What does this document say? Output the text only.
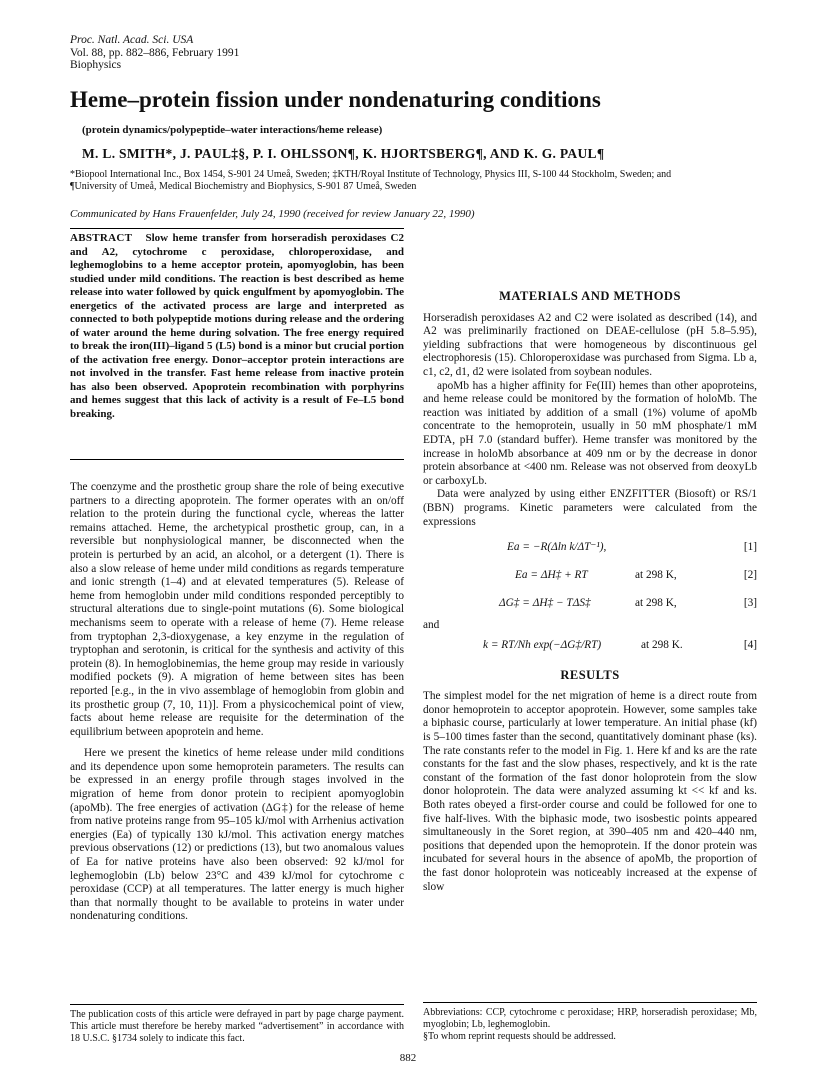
Proc. Natl. Acad. Sci. USA
Vol. 88, pp. 882–886, February 1991
Biophysics
Heme–protein fission under nondenaturing conditions
(protein dynamics/polypeptide–water interactions/heme release)
M. L. SMITH*, J. PAUL‡§, P. I. OHLSSON¶, K. HJORTSBERG¶, AND K. G. PAUL¶
*Biopool International Inc., Box 1454, S-901 24 Umeå, Sweden; ‡KTH/Royal Institute of Technology, Physics III, S-100 44 Stockholm, Sweden; and
¶University of Umeå, Medical Biochemistry and Biophysics, S-901 87 Umeå, Sweden
Communicated by Hans Frauenfelder, July 24, 1990 (received for review January 22, 1990)
ABSTRACT Slow heme transfer from horseradish peroxidases C2 and A2, cytochrome c peroxidase, chloroperoxidase, and leghemoglobins to a heme acceptor protein, apomyoglobin, has been studied under mild conditions. The reaction is best described as heme release into water followed by quick engulfment by apomyoglobin. The energetics of the activated process are large and interpreted as connected to both polypeptide motions during release and the ordering of water around the heme during solvation. The free energy required to break the iron(III)–ligand 5 (L5) bond is a minor but crucial portion of the activation free energy. Donor–acceptor protein interactions are not involved in the transfer. Fast heme release from inactive protein has also been observed. Apoprotein recombination with porphyrins and hemes suggest that this lack of activity is a result of Fe–L5 bond breaking.

The coenzyme and the prosthetic group share the role of being executive partners to a directing apoprotein. The former operates with an on/off relation to the protein during the functional cycle, whereas the latter remains attached. Heme, the archetypical prosthetic group, can, in a reversible but nonphysiological manner, be disconnected when the protein is perturbed by an acid, an alcohol, or a detergent (1). There is also a slow release of heme under mild conditions as regards temperature and ionic strength (1–4) and at elevated temperatures (5). Release of heme from hemoglobin under mild conditions responded perceptibly to structural alterations due to single-point mutations (6). Some biological mechanisms seem to operate with a release of heme (7). Heme release from tryptophan 2,3-dioxygenase, a key enzyme in the regulation of tryptophan and serotonin, is critical for the synthesis and activity of this protein (8). In hemoglobinemias, the heme group may reside in variously modified pockets (9). A migration of heme between sites has been reported [e.g., in the in vivo assemblage of hemoglobin from globin and its prosthetic group (7, 10, 11)]. From a physicochemical point of view, facts about heme release are requisite for the determination of the equilibrium between apoprotein and heme.

Here we present the kinetics of heme release under mild conditions and its dependence upon some hemoprotein parameters. The results can be expressed in an energy profile through stages involved in the migration of heme from donor protein to recipient apomyoglobin (apoMb). The free energies of activation (ΔG‡) for the release of heme from native proteins range from 95–105 kJ/mol with Arrhenius activation energies (Ea) of typically 130 kJ/mol. This activation energy matches previous observations (12) or predictions (13), but two anomalous values of Ea for native proteins have also been observed: 92 kJ/mol for leghemoglobin (Lb) below 23°C and 439 kJ/mol for cytochrome c peroxidase (CCP) at all temperatures. The latter energy is much higher than that normally thought to be available to proteins in water under nondenaturing conditions.

MATERIALS AND METHODS

Horseradish peroxidases A2 and C2 were isolated as described (14), and A2 was preliminarily fractioned on DEAE-cellulose (pH 5.8–5.95), yielding subfractions that were homogeneous by discontinuous gel electrophoresis (15). Chloroperoxidase was purchased from Sigma. Lb a, c1, c2, d1, d2 were isolated from soybean nodules.

apoMb has a higher affinity for Fe(III) hemes than other apoproteins, and heme release could be monitored by the formation of holoMb. The reaction was initiated by addition of a small (1%) volume of apoMb concentrate to the hemoprotein, usually in 50 mM phosphate/1 mM EDTA, pH 7.0 (standard buffer). Heme transfer was monitored by the increase in holoMb absorbance at 409 nm or by the decrease in donor protein absorbance at <400 nm. Release was not observed from deoxyLb or carboxyLb.

Data were analyzed by using either ENZFITTER (Biosoft) or RS/1 (BBN) programs. Kinetic parameters were calculated from the expressions

Ea = −R(Δln k/ΔT⁻¹),	[1]
Ea = ΔH‡ + RT	at 298 K,	[2]
ΔG‡ = ΔH‡ − TΔS‡	at 298 K,	[3]

and

k = RT/Nh exp(−ΔG‡/RT)	at 298 K.	[4]
RESULTS

The simplest model for the net migration of heme is a direct route from donor hemoprotein to acceptor apoprotein. However, some samples take a biphasic course, particularly at lower temperature. An initial phase (kf) is 5–100 times faster than the second, quantitatively dominant phase (ks). The rate constants refer to the model in Fig. 1. Here kf and ks are the rate constants for the fast and the slow phases, respectively, and kt is the rate constant of the formation of the fast donor holoprotein from the slow donor holoprotein. The data were analyzed assuming kt << kf and ks. Both rates obeyed a first-order course and could be followed for one to five half-lives. With the biphasic mode, two isosbestic points appeared simultaneously in the Soret region, at 390–405 nm and 420–440 nm, positions that depended upon the hemoprotein. If the donor protein was incubated for several hours in the absence of apoMb, the proportion of the fast donor holoprotein was noticeably increased at the expense of slow

The publication costs of this article were defrayed in part by page charge payment. This article must therefore be hereby marked “advertisement” in accordance with 18 U.S.C. §1734 solely to indicate this fact.
Abbreviations: CCP, cytochrome c peroxidase; HRP, horseradish peroxidase; Mb, myoglobin; Lb, leghemoglobin.
§To whom reprint requests should be addressed.
882
